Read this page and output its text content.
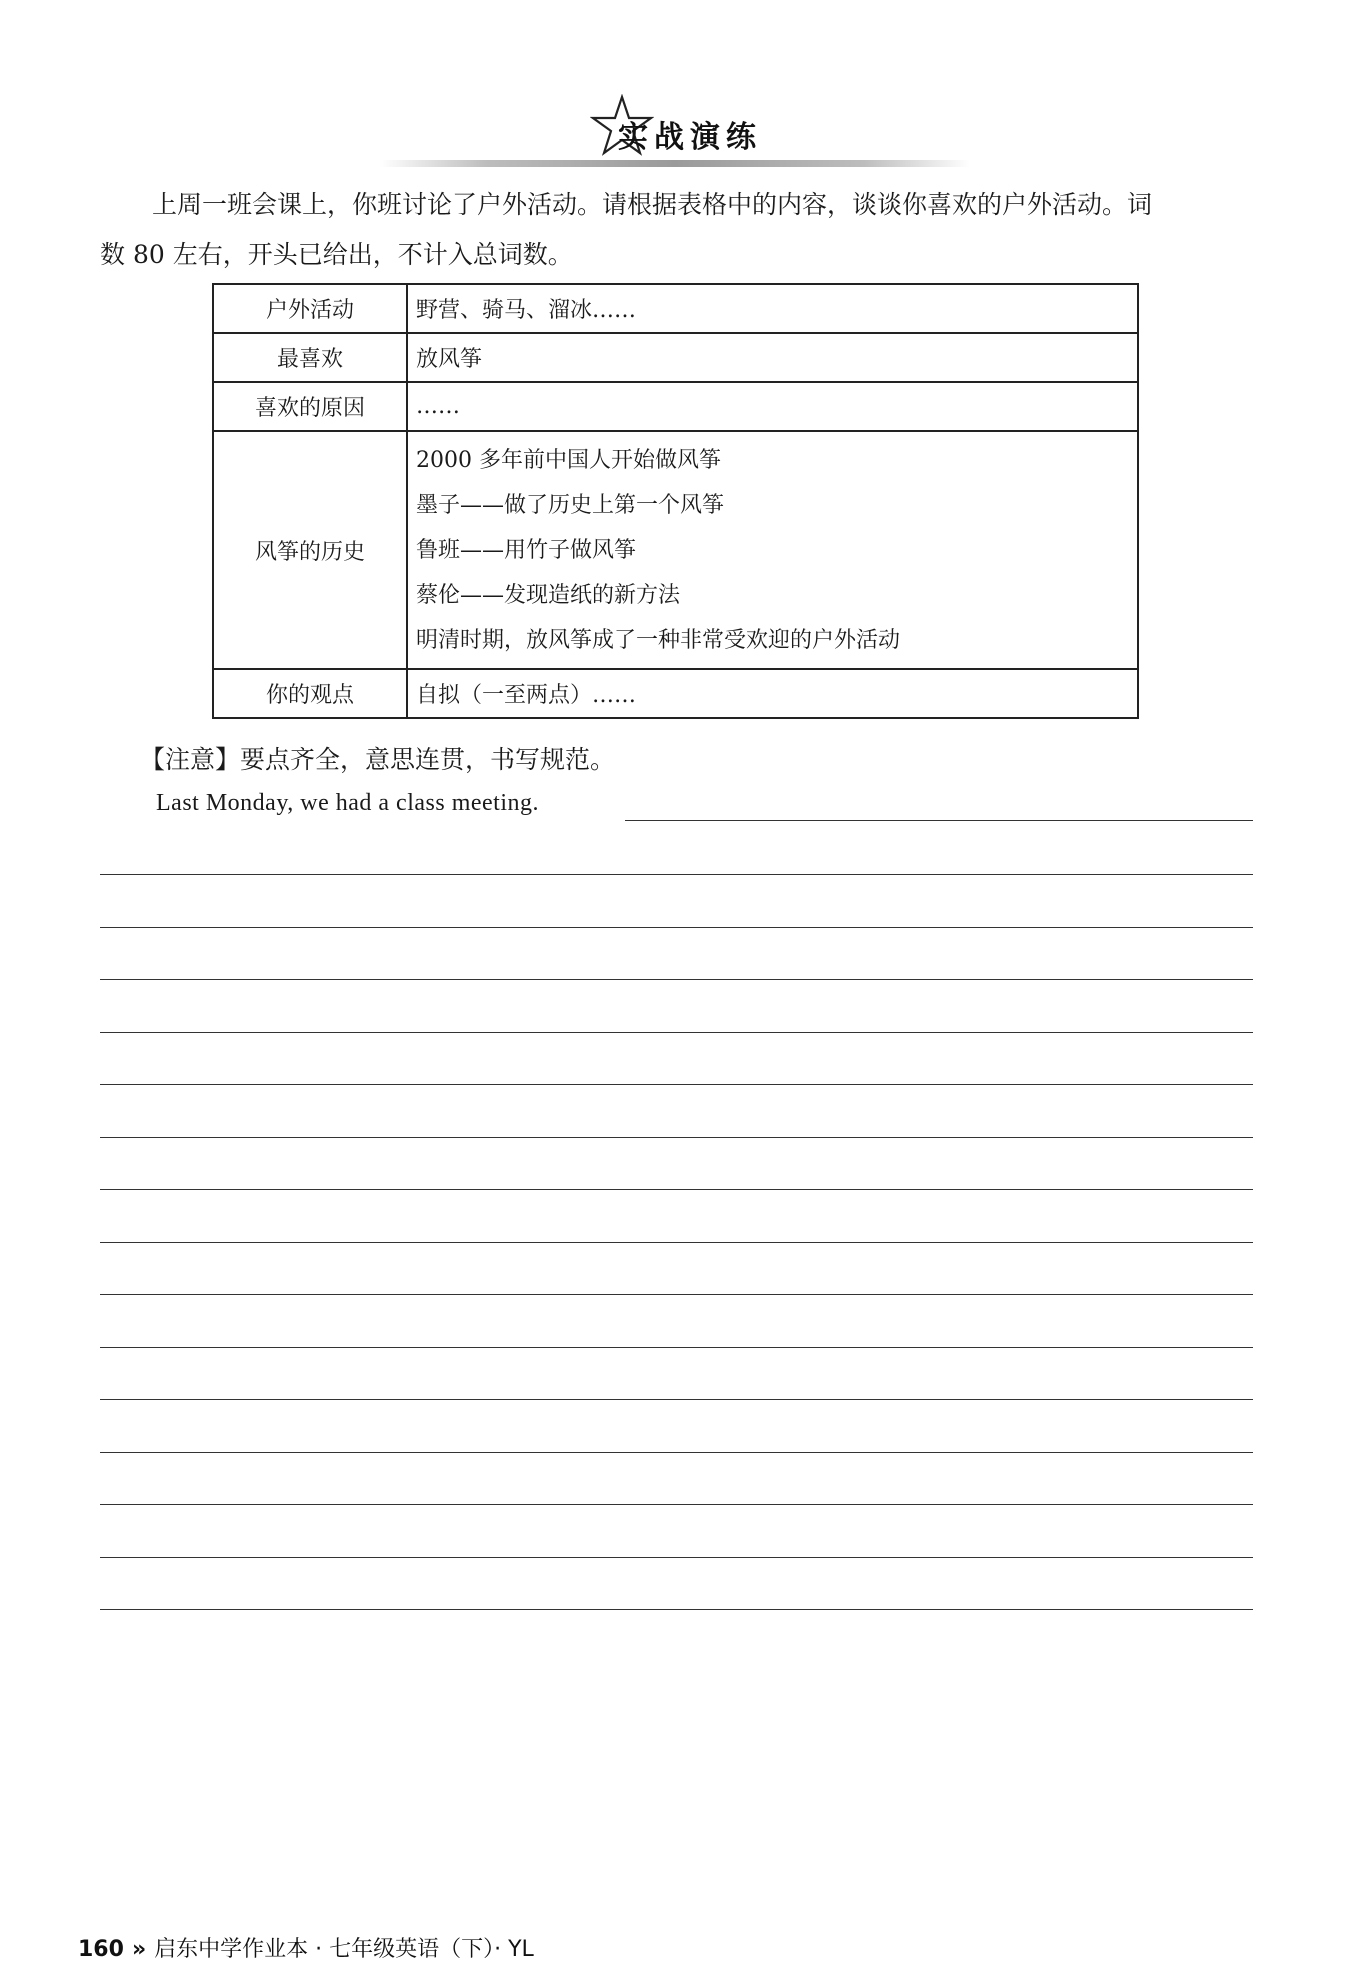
实战演练
上周一班会课上，你班讨论了户外活动。请根据表格中的内容，谈谈你喜欢的户外活动。词
数 80 左右，开头已给出，不计入总词数。
户外活动	野营、骑马、溜冰……
最喜欢	放风筝
喜欢的原因	……
风筝的历史	2000 多年前中国人开始做风筝
墨子——做了历史上第一个风筝
鲁班——用竹子做风筝
蔡伦——发现造纸的新方法
明清时期，放风筝成了一种非常受欢迎的户外活动

你的观点	自拟（一至两点）……
【注意】要点齐全，意思连贯，书写规范。
Last Monday, we had a class meeting.
160 » 启东中学作业本 · 七年级英语（下）· YL
